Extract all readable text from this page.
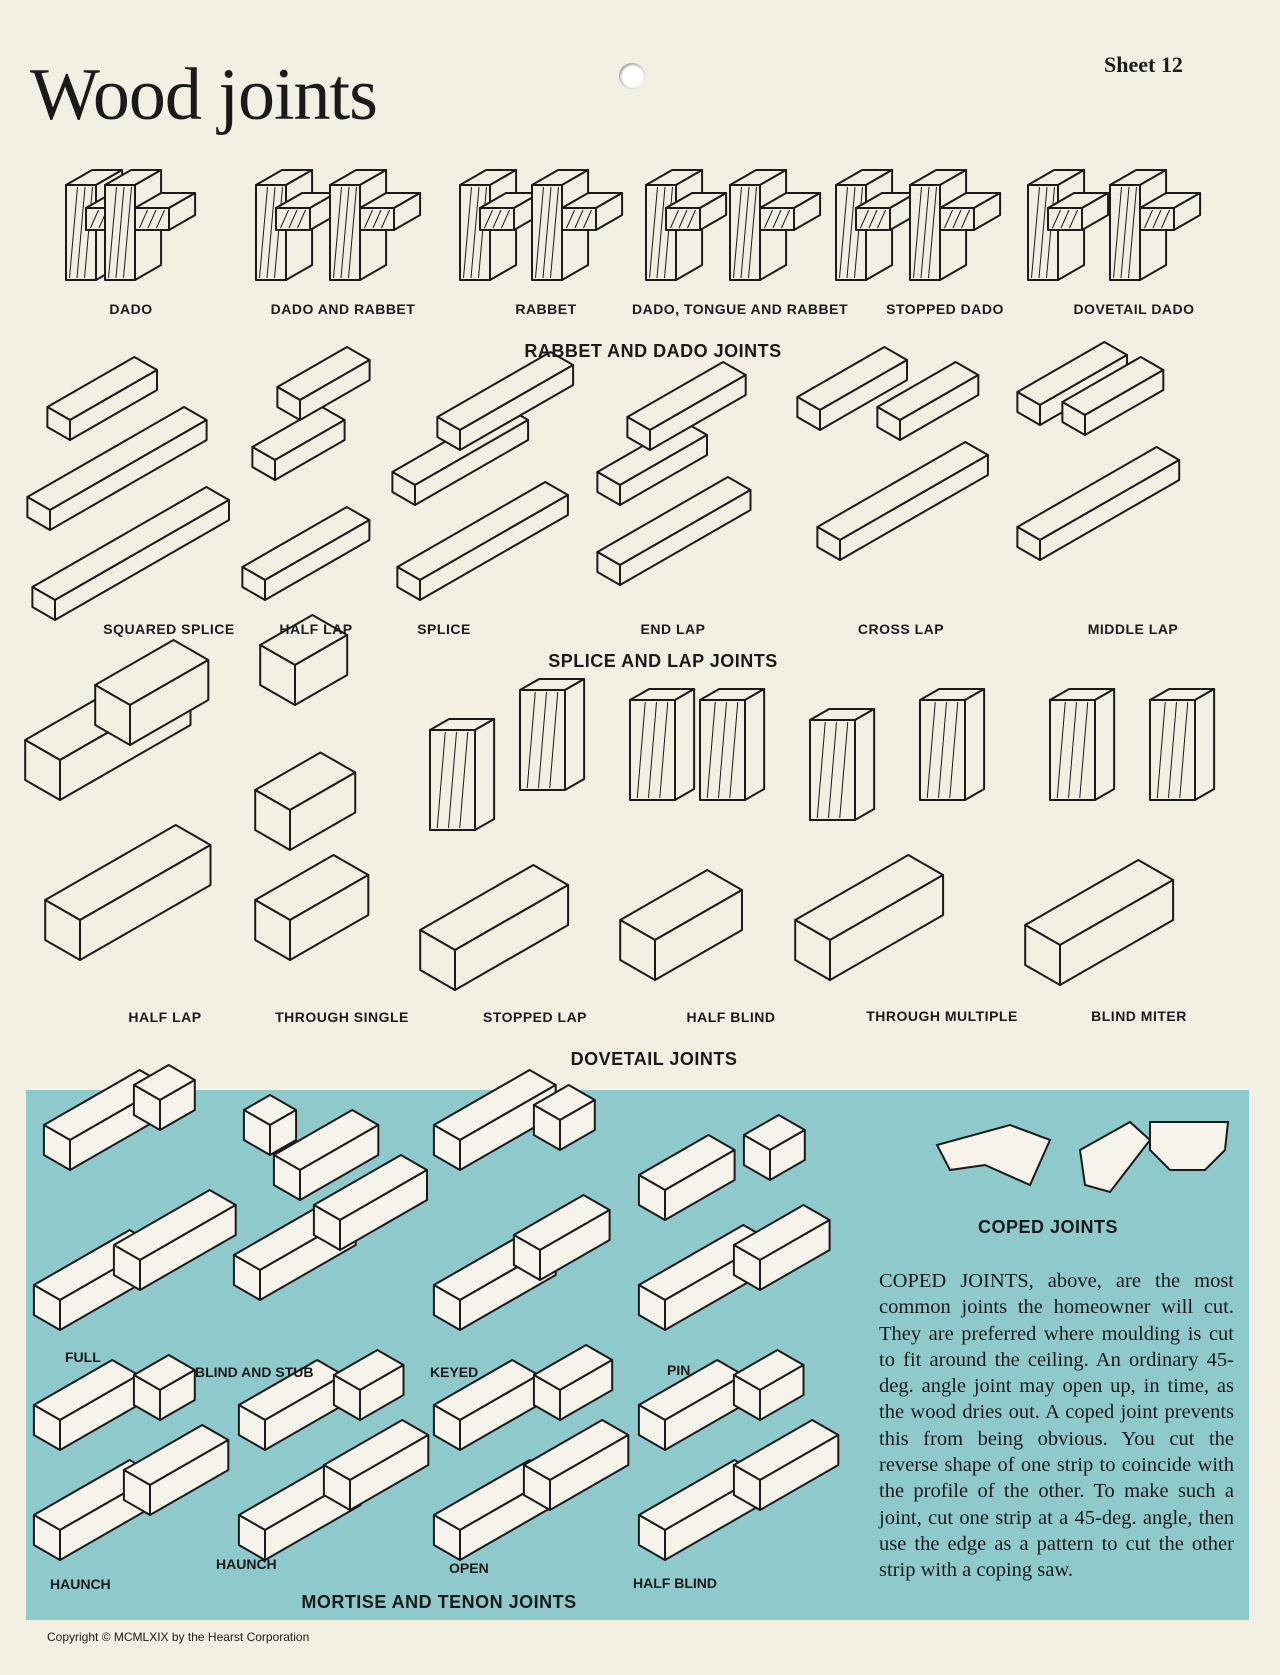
Wood joints	Sheet 12
DADO	DADO AND RABBET	RABBET	DADO, TONGUE AND RABBET	STOPPED DADO	DOVETAIL DADO
RABBET AND DADO JOINTS
SQUARED SPLICE	HALF LAP	SPLICE	END LAP	CROSS LAP	MIDDLE LAP
SPLICE AND LAP JOINTS
HALF LAP	THROUGH SINGLE	STOPPED LAP	HALF BLIND	THROUGH MULTIPLE	BLIND MITER
DOVETAIL JOINTS
FULL
BLIND AND STUB	KEYED	PIN
HAUNCH
HAUNCH	OPEN
HALF BLIND
MORTISE AND TENON JOINTS
COPED JOINTS
COPED JOINTS, above, are the most common joints the homeowner will cut. They are preferred where moulding is cut to fit around the ceiling. An ordinary 45-deg. angle joint may open up, in time, as the wood dries out. A coped joint prevents this from being obvious. You cut the reverse shape of one strip to coincide with the profile of the other. To make such a joint, cut one strip at a 45-deg. angle, then use the edge as a pattern to cut the other strip with a coping saw.
Copyright © MCMLXIX by the Hearst Corporation
